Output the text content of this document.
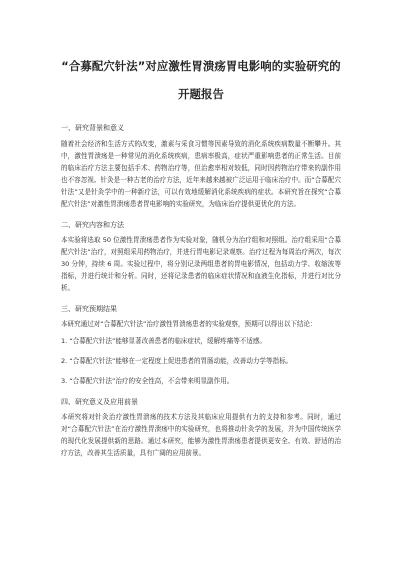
“合募配穴针法”对应激性胃溃疡胃电影响的实验研究的

开题报告

一、研究背景和意义

随着社会经济和生活方式的改变，激素与采食习惯等因素导致的消化系统疾病数量不断攀升。其中，激性胃溃疡是一种常见的消化系统疾病，患病率极高，症状严重影响患者的正常生活。目前的临床治疗方法主要包括手术、药物治疗等，但治愈率相对较低，同时因药物治疗带来的副作用也不容忽视。针灸是一种古老的治疗方法，近年来越来越被广泛运用于临床治疗中。而“合募配穴针法”又是针灸学中的一种新疗法，可以有效地缓解消化系统疾病的症状。本研究旨在探究“合募配穴针法”对激性胃溃疡患者胃电影响的实验研究，为临床治疗提供更优化的方法。

二、研究内容和方法

本实验将选取 50 位激性胃溃疡患者作为实验对象，随机分为治疗组和对照组。治疗组采用“合募配穴针法”治疗，对照组采用药物治疗，并进行胃电影记录观察。治疗过程为每周治疗两次，每次 30 分钟，持续 6 周。实验过程中，将分别记录两组患者的胃电影情况，包括动力学、收缩波等指标，并进行统计和分析。同时，还将记录患者的临床症状情况和血液生化指标，并进行对比分析。

三、研究预期结果

本研究通过对“合募配穴针法”治疗激性胃溃疡患者的实验观察，预期可以得出以下结论：

1. “合募配穴针法”能够显著改善患者的临床症状，缓解疼痛等不适感。

2. “合募配穴针法”能够在一定程度上促进患者的胃肠动能，改善动力学等指标。

3. “合募配穴针法”治疗的安全性高，不会带来明显副作用。

四、研究意义及应用前景

本研究将对针灸治疗激性胃溃疡的技术方法及其临床应用提供有力的支持和参考。同时，通过对“合募配穴针法”在治疗激性胃溃疡中的实验研究，也将推动针灸学的发展，并为中国传统医学的现代化发展提供新的思路。通过本研究，能够为激性胃溃疡患者提供更安全、有效、舒适的治疗方法，改善其生活质量，具有广阔的应用前景。
